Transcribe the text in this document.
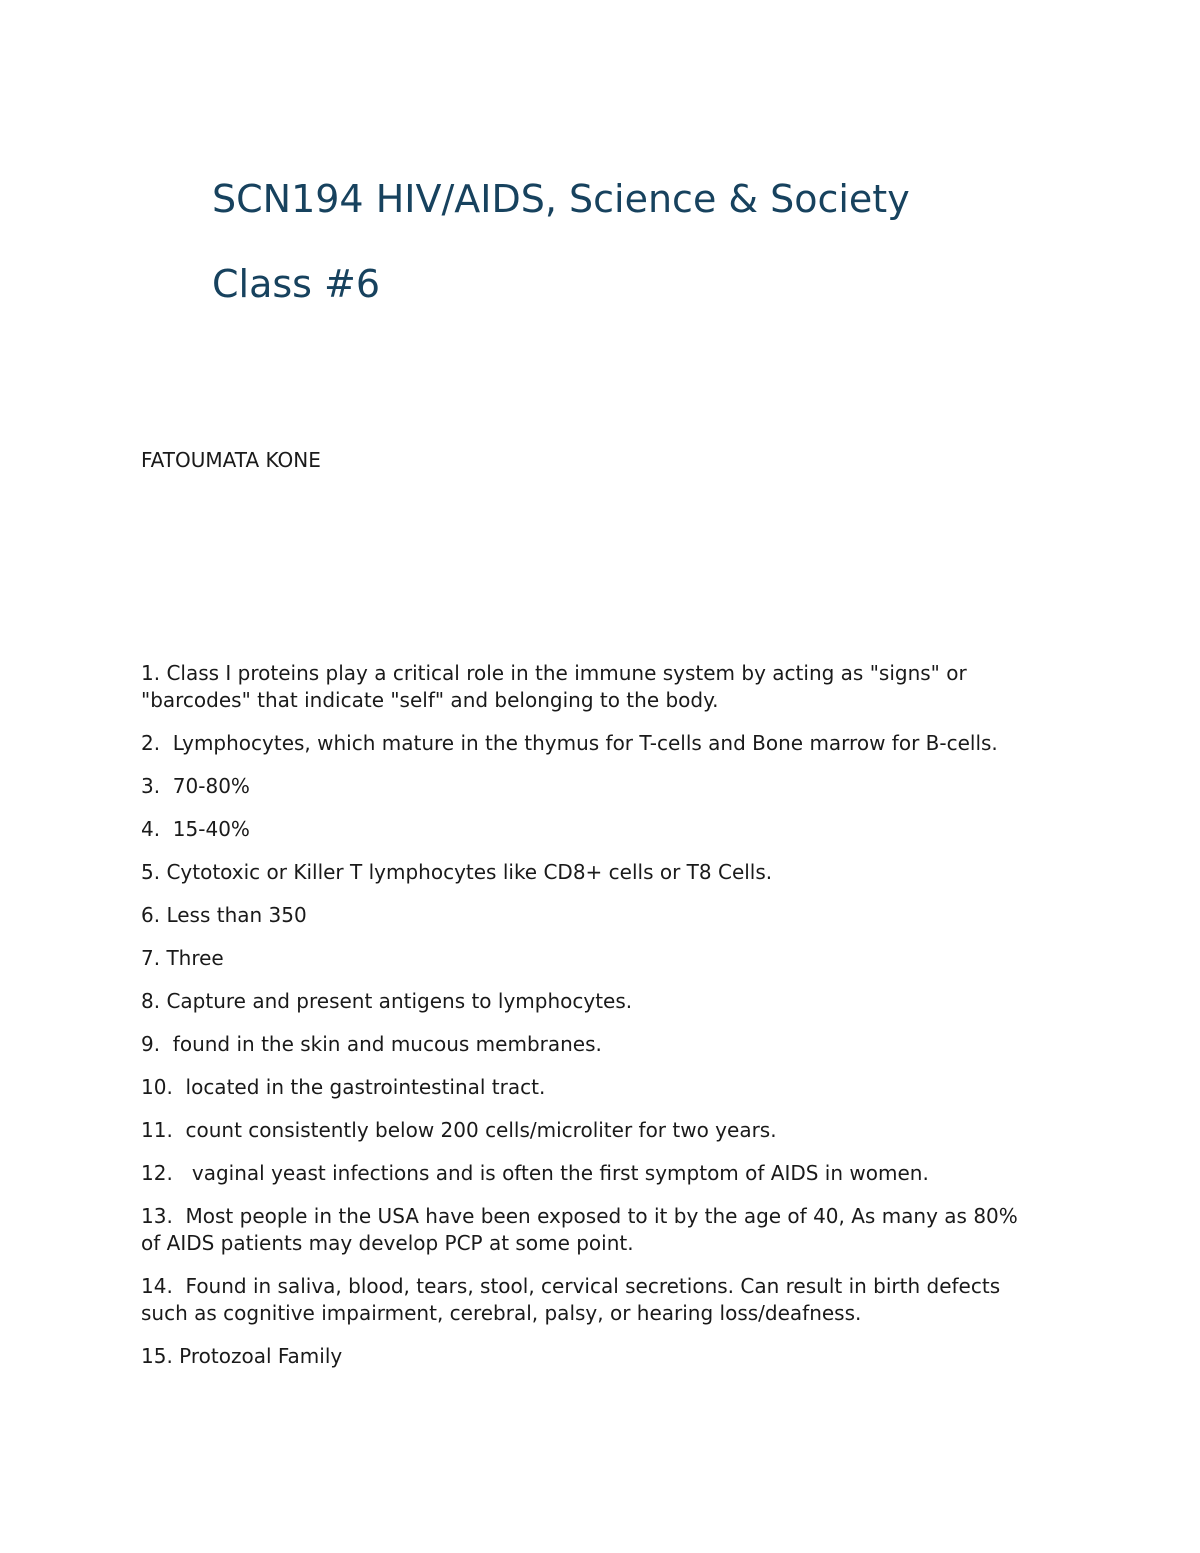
SCN194 HIV/AIDS, Science & Society
Class #6

FATOUMATA KONE

1. Class I proteins play a critical role in the immune system by acting as "signs" or "barcodes" that indicate "self" and belonging to the body.
2.  Lymphocytes, which mature in the thymus for T-cells and Bone marrow for B-cells.
3.  70-80%
4.  15-40%
5. Cytotoxic or Killer T lymphocytes like CD8+ cells or T8 Cells.
6. Less than 350
7. Three
8. Capture and present antigens to lymphocytes.
9.  found in the skin and mucous membranes.
10.  located in the gastrointestinal tract.
11.  count consistently below 200 cells/microliter for two years.
12.   vaginal yeast infections and is often the first symptom of AIDS in women.
13.  Most people in the USA have been exposed to it by the age of 40, As many as 80% of AIDS patients may develop PCP at some point.
14.  Found in saliva, blood, tears, stool, cervical secretions. Can result in birth defects such as cognitive impairment, cerebral, palsy, or hearing loss/deafness.
15. Protozoal Family
